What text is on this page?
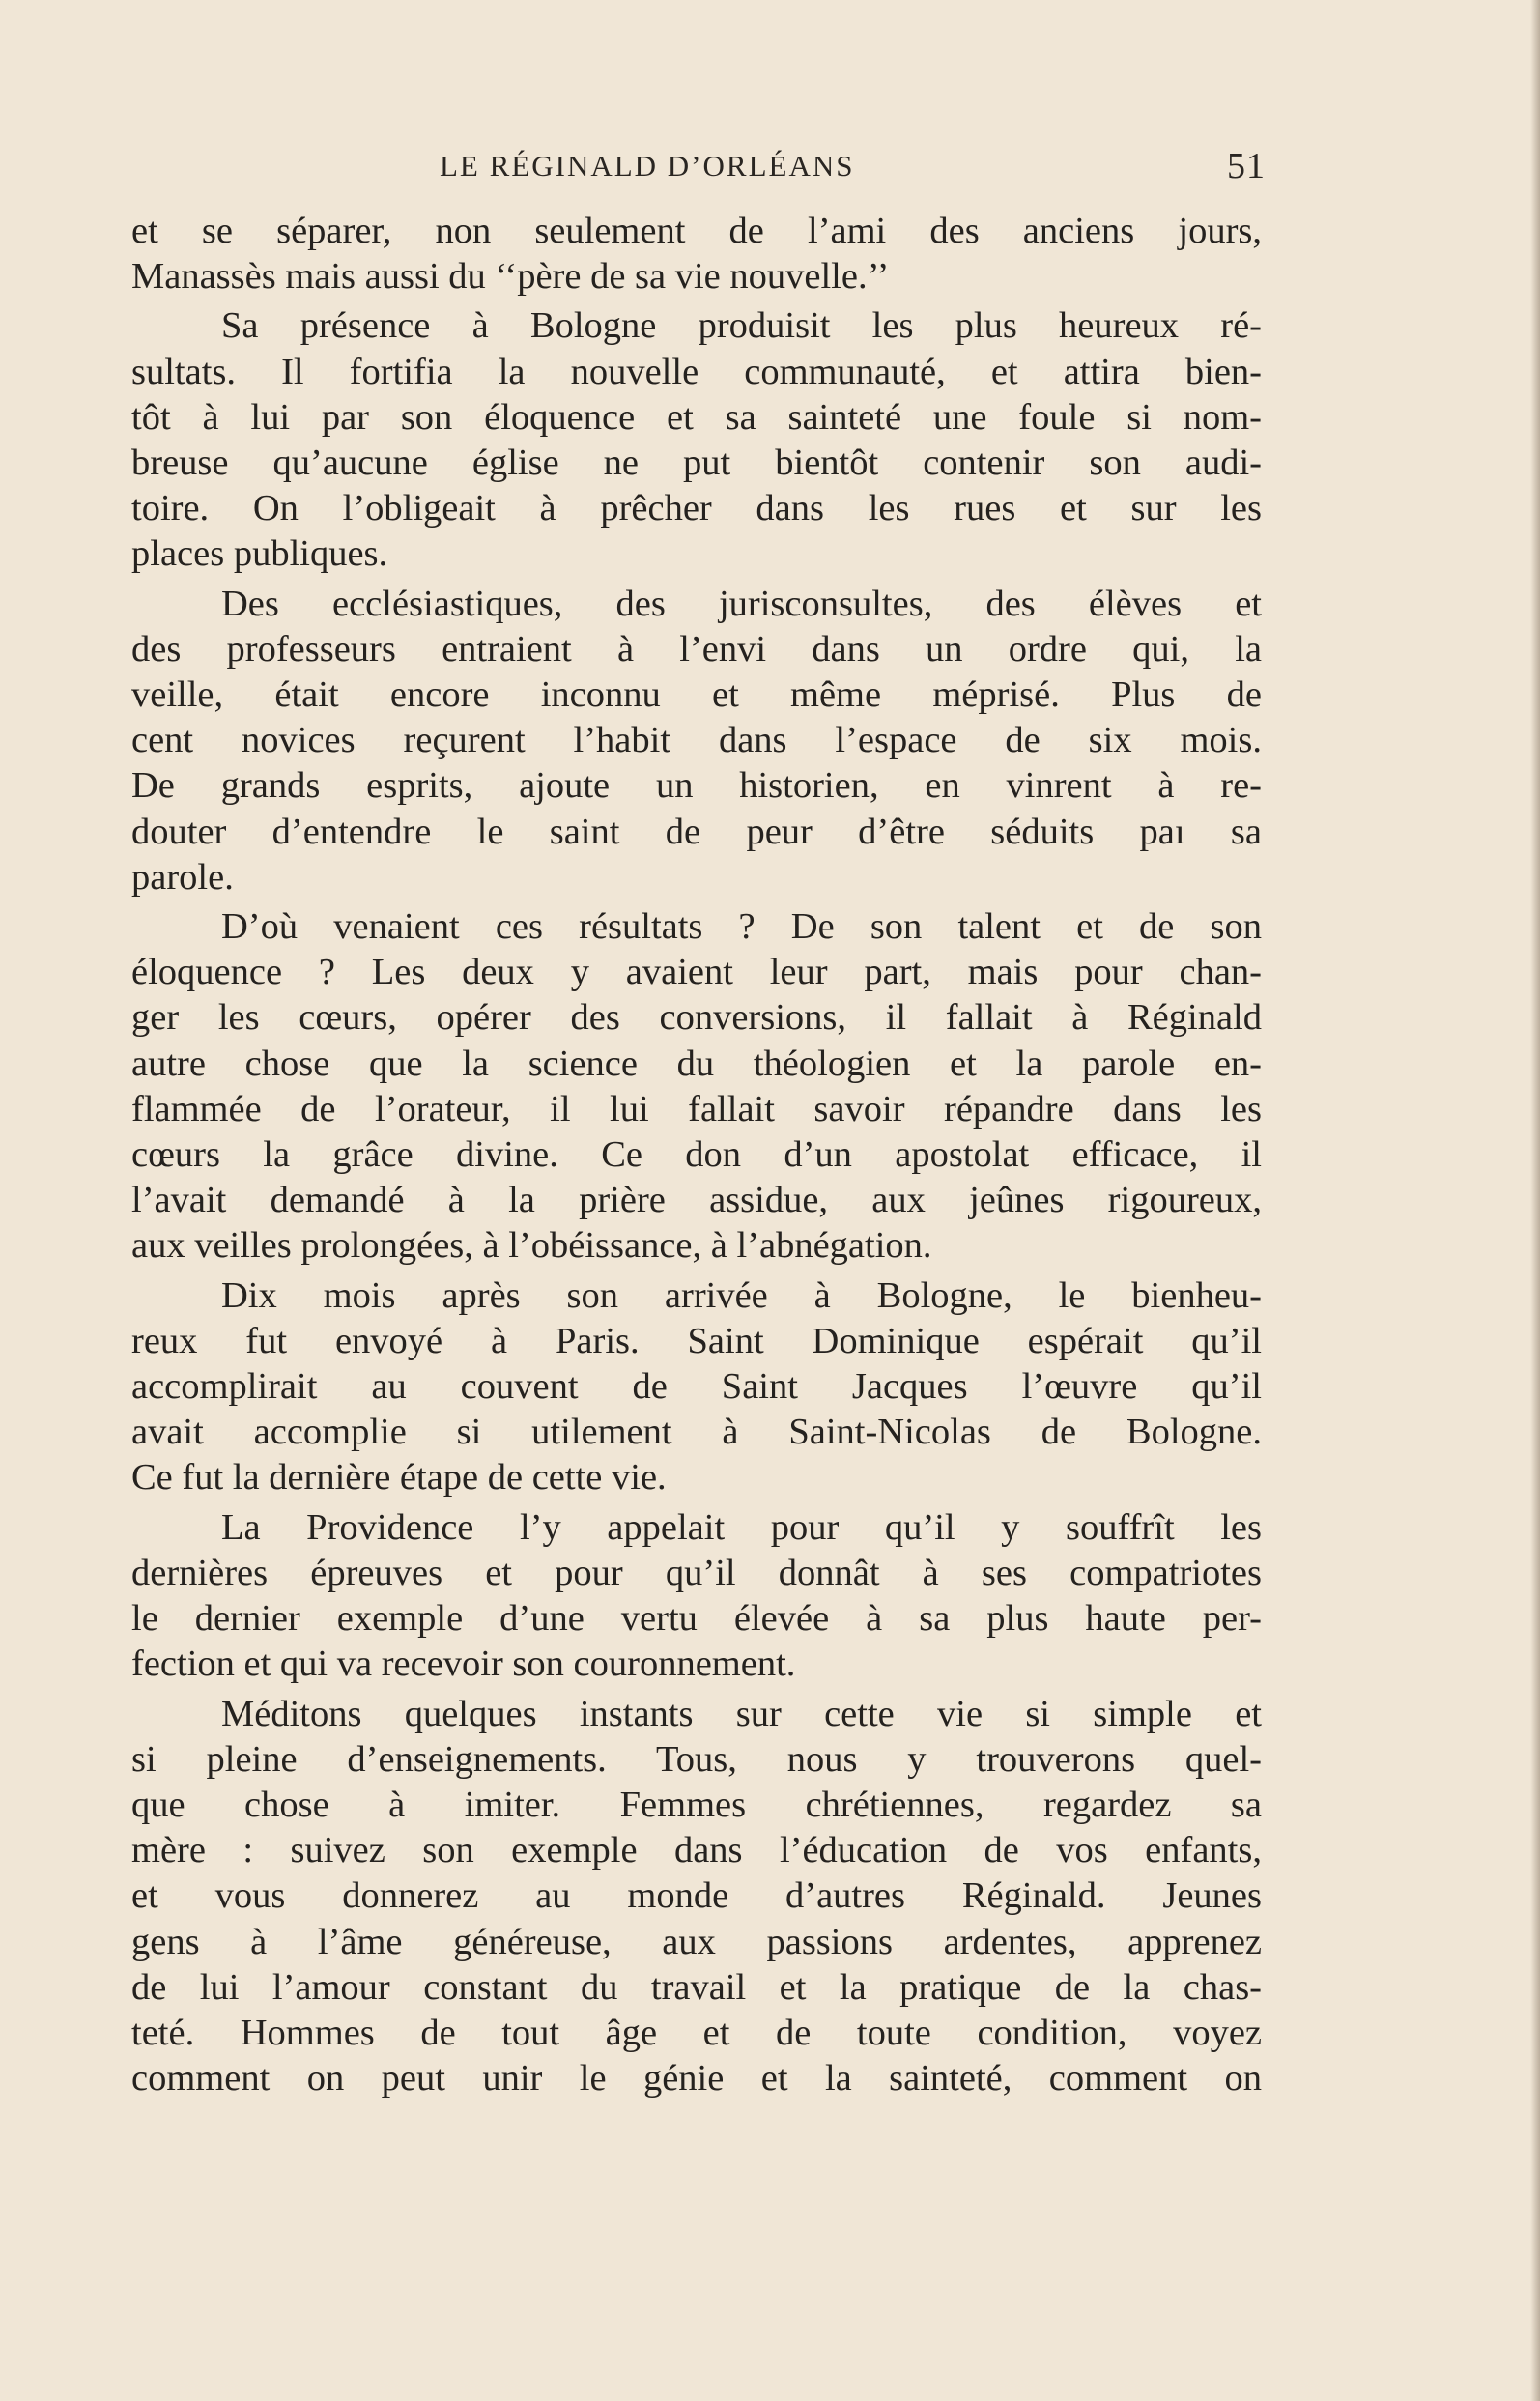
LE RÉGINALD D’ORLÉANS	51
et se séparer, non seulement de l’ami des anciens jours,
Manassès mais aussi du ‘‘père de sa vie nouvelle.’’
Sa présence à Bologne produisit les plus heureux ré-
sultats. Il fortifia la nouvelle communauté, et attira bien-
tôt à lui par son éloquence et sa sainteté une foule si nom-
breuse qu’aucune église ne put bientôt contenir son audi-
toire. On l’obligeait à prêcher dans les rues et sur les
places publiques.
Des ecclésiastiques, des jurisconsultes, des élèves et
des professeurs entraient à l’envi dans un ordre qui, la
veille, était encore inconnu et même méprisé. Plus de
cent novices reçurent l’habit dans l’espace de six mois.
De grands esprits, ajoute un historien, en vinrent à re-
douter d’entendre le saint de peur d’être séduits paı sa
parole.
D’où venaient ces résultats ? De son talent et de son
éloquence ? Les deux y avaient leur part, mais pour chan-
ger les cœurs, opérer des conversions, il fallait à Réginald
autre chose que la science du théologien et la parole en-
flammée de l’orateur, il lui fallait savoir répandre dans les
cœurs la grâce divine. Ce don d’un apostolat efficace, il
l’avait demandé à la prière assidue, aux jeûnes rigoureux,
aux veilles prolongées, à l’obéissance, à l’abnégation.
Dix mois après son arrivée à Bologne, le bienheu-
reux fut envoyé à Paris. Saint Dominique espérait qu’il
accomplirait au couvent de Saint Jacques l’œuvre qu’il
avait accomplie si utilement à Saint-Nicolas de Bologne.
Ce fut la dernière étape de cette vie.
La Providence l’y appelait pour qu’il y souffrît les
dernières épreuves et pour qu’il donnât à ses compatriotes
le dernier exemple d’une vertu élevée à sa plus haute per-
fection et qui va recevoir son couronnement.
Méditons quelques instants sur cette vie si simple et
si pleine d’enseignements. Tous, nous y trouverons quel-
que chose à imiter. Femmes chrétiennes, regardez sa
mère : suivez son exemple dans l’éducation de vos enfants,
et vous donnerez au monde d’autres Réginald. Jeunes
gens à l’âme généreuse, aux passions ardentes, apprenez
de lui l’amour constant du travail et la pratique de la chas-
teté. Hommes de tout âge et de toute condition, voyez
comment on peut unir le génie et la sainteté, comment on
